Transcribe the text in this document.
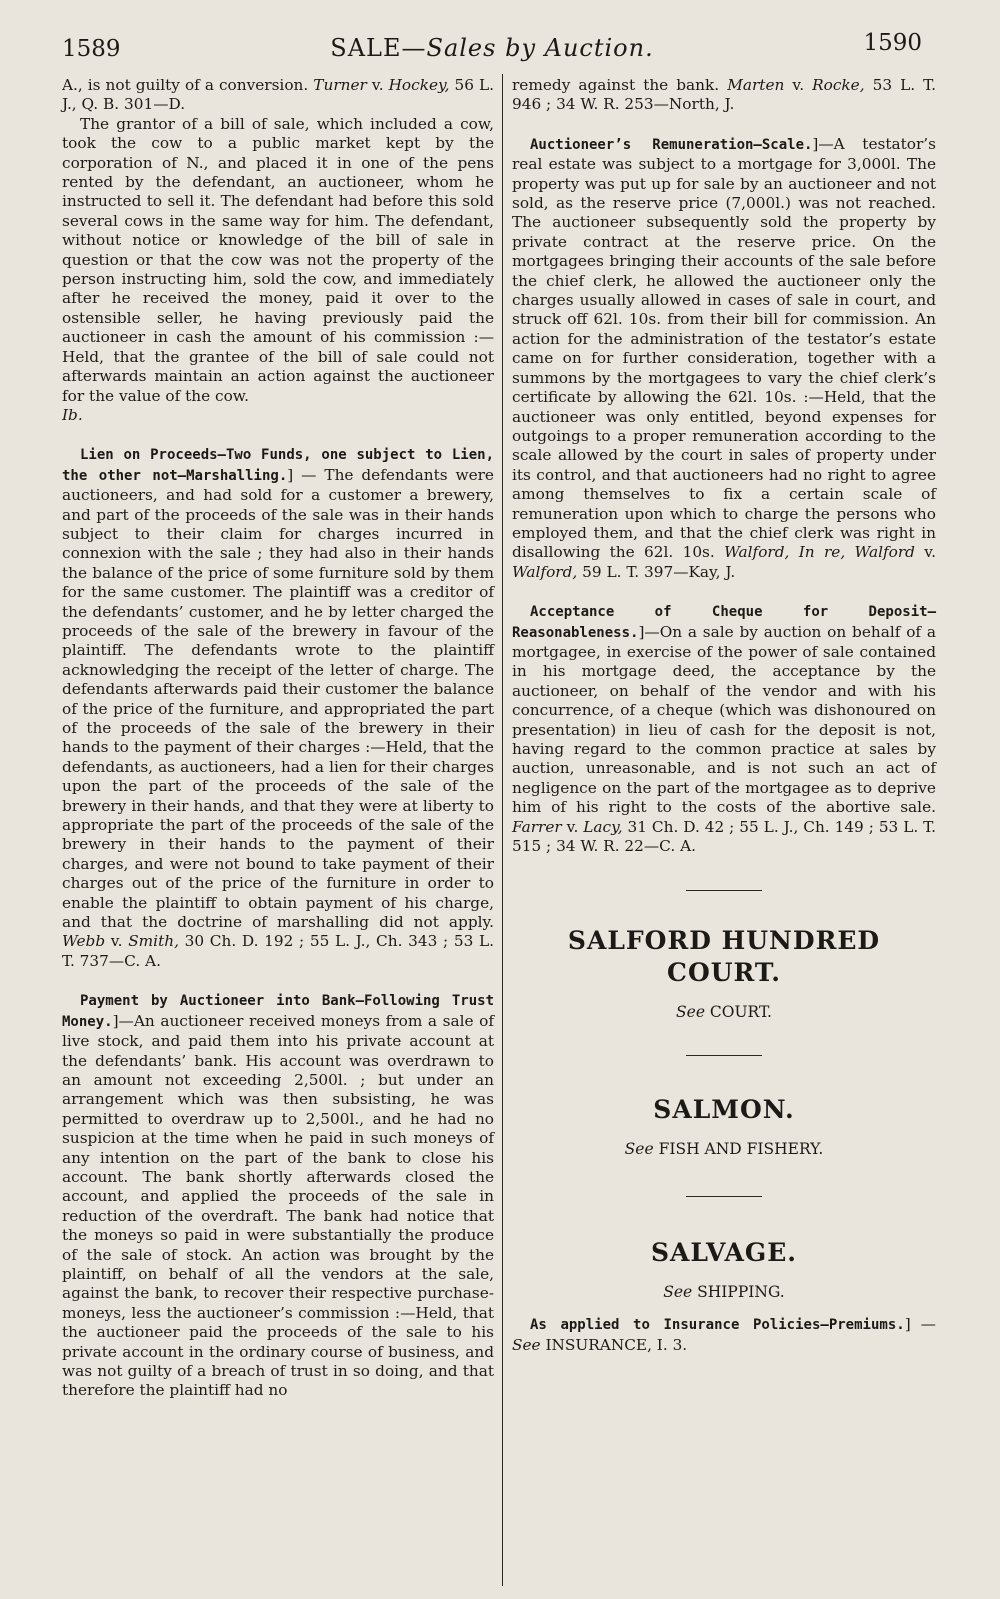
1589	SALE—Sales by Auction.	1590

A., is not guilty of a conversion. Turner v. Hockey, 56 L. J., Q. B. 301—D.

The grantor of a bill of sale, which included a cow, took the cow to a public market kept by the corporation of N., and placed it in one of the pens rented by the defendant, an auctioneer, whom he instructed to sell it. The defendant had before this sold several cows in the same way for him. The defendant, without notice or knowledge of the bill of sale in question or that the cow was not the property of the person instructing him, sold the cow, and immediately after he received the money, paid it over to the ostensible seller, he having previously paid the auctioneer in cash the amount of his commission :—Held, that the grantee of the bill of sale could not afterwards maintain an action against the auctioneer for the value of the cow.
Ib.

Lien on Proceeds—Two Funds, one subject to Lien, the other not—Marshalling.] — The defendants were auctioneers, and had sold for a customer a brewery, and part of the proceeds of the sale was in their hands subject to their claim for charges incurred in connexion with the sale ; they had also in their hands the balance of the price of some furniture sold by them for the same customer. The plaintiff was a creditor of the defendants’ customer, and he by letter charged the proceeds of the sale of the brewery in favour of the plaintiff. The defendants wrote to the plaintiff acknowledging the receipt of the letter of charge. The defendants afterwards paid their customer the balance of the price of the furniture, and appropriated the part of the proceeds of the sale of the brewery in their hands to the payment of their charges :—Held, that the defendants, as auctioneers, had a lien for their charges upon the part of the proceeds of the sale of the brewery in their hands, and that they were at liberty to appropriate the part of the proceeds of the sale of the brewery in their hands to the payment of their charges, and were not bound to take payment of their charges out of the price of the furniture in order to enable the plaintiff to obtain payment of his charge, and that the doctrine of marshalling did not apply. Webb v. Smith, 30 Ch. D. 192 ; 55 L. J., Ch. 343 ; 53 L. T. 737—C. A.

Payment by Auctioneer into Bank—Following Trust Money.]—An auctioneer received moneys from a sale of live stock, and paid them into his private account at the defendants’ bank. His account was overdrawn to an amount not exceeding 2,500l. ; but under an arrangement which was then subsisting, he was permitted to overdraw up to 2,500l., and he had no suspicion at the time when he paid in such moneys of any intention on the part of the bank to close his account. The bank shortly afterwards closed the account, and applied the proceeds of the sale in reduction of the overdraft. The bank had notice that the moneys so paid in were substantially the produce of the sale of stock. An action was brought by the plaintiff, on behalf of all the vendors at the sale, against the bank, to recover their respective purchase-moneys, less the auctioneer’s commission :—Held, that the auctioneer paid the proceeds of the sale to his private account in the ordinary course of business, and was not guilty of a breach of trust in so doing, and that therefore the plaintiff had no

remedy against the bank. Marten v. Rocke, 53 L. T. 946 ; 34 W. R. 253—North, J.

Auctioneer’s Remuneration—Scale.]—A testator’s real estate was subject to a mortgage for 3,000l. The property was put up for sale by an auctioneer and not sold, as the reserve price (7,000l.) was not reached. The auctioneer subsequently sold the property by private contract at the reserve price. On the mortgagees bringing their accounts of the sale before the chief clerk, he allowed the auctioneer only the charges usually allowed in cases of sale in court, and struck off 62l. 10s. from their bill for commission. An action for the administration of the testator’s estate came on for further consideration, together with a summons by the mortgagees to vary the chief clerk’s certificate by allowing the 62l. 10s. :—Held, that the auctioneer was only entitled, beyond expenses for outgoings to a proper remuneration according to the scale allowed by the court in sales of property under its control, and that auctioneers had no right to agree among themselves to fix a certain scale of remuneration upon which to charge the persons who employed them, and that the chief clerk was right in disallowing the 62l. 10s. Walford, In re, Walford v. Walford, 59 L. T. 397—Kay, J.

Acceptance of Cheque for Deposit—Reasonableness.]—On a sale by auction on behalf of a mortgagee, in exercise of the power of sale contained in his mortgage deed, the acceptance by the auctioneer, on behalf of the vendor and with his concurrence, of a cheque (which was dishonoured on presentation) in lieu of cash for the deposit is not, having regard to the common practice at sales by auction, unreasonable, and is not such an act of negligence on the part of the mortgagee as to deprive him of his right to the costs of the abortive sale. Farrer v. Lacy, 31 Ch. D. 42 ; 55 L. J., Ch. 149 ; 53 L. T. 515 ; 34 W. R. 22—C. A.

SALFORD HUNDRED COURT.

See COURT.

SALMON.

See FISH AND FISHERY.

SALVAGE.

See SHIPPING.

As applied to Insurance Policies—Premiums.] —See INSURANCE, I. 3.
